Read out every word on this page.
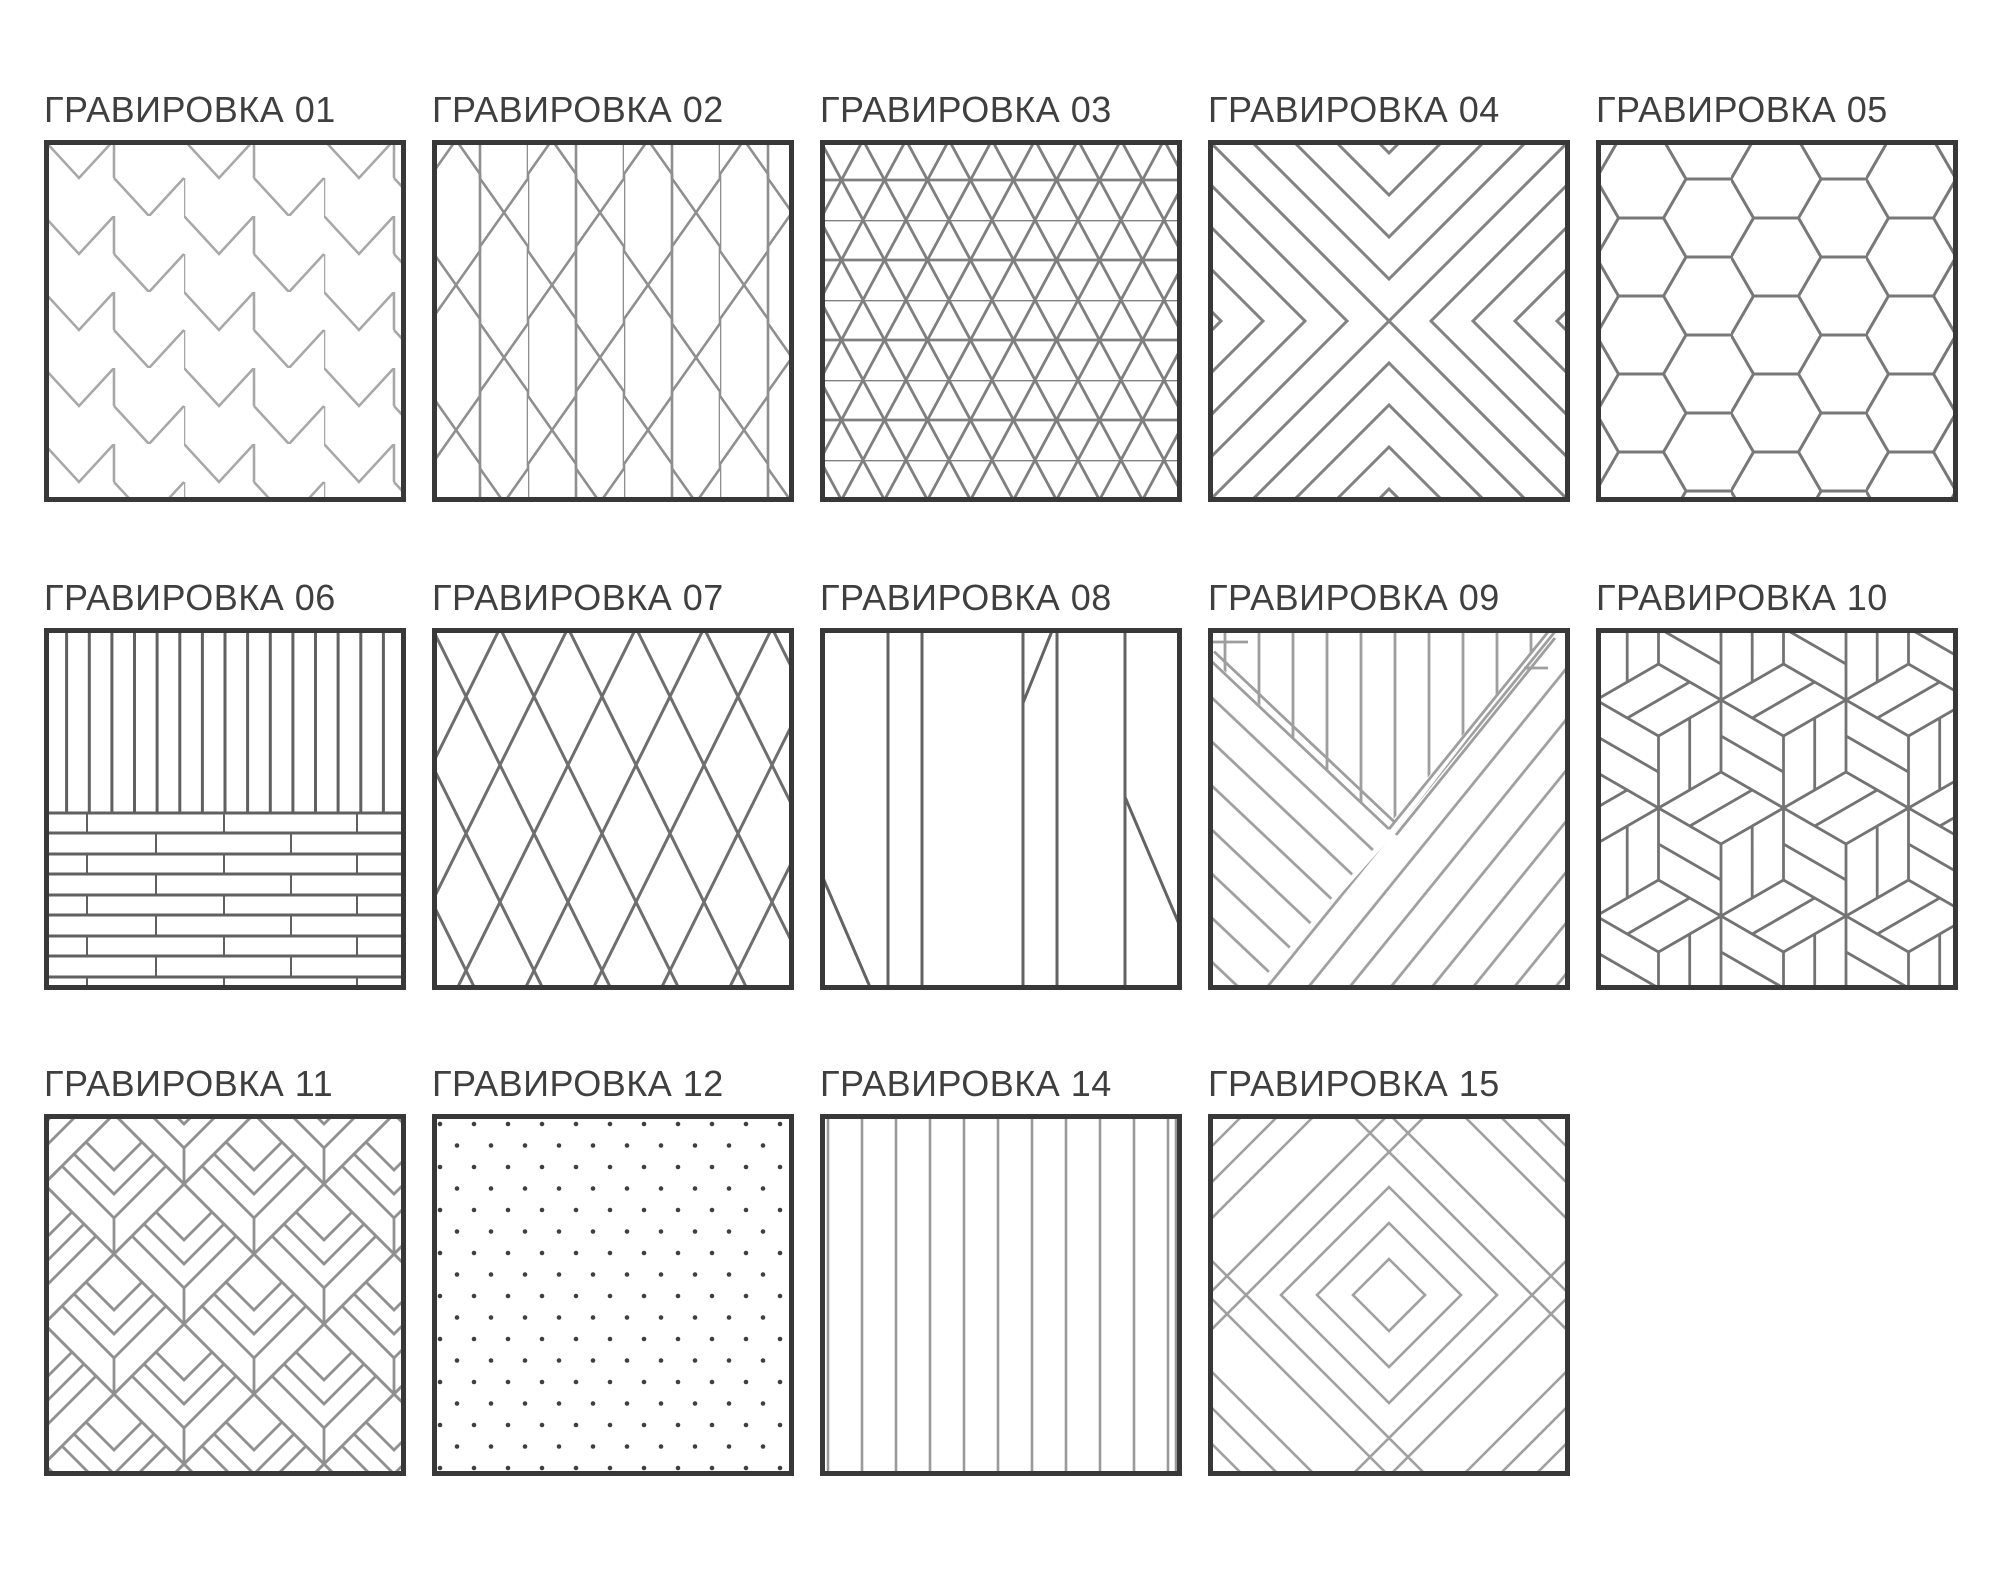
ГРАВИРОВКА 01	ГРАВИРОВКА 02	ГРАВИРОВКА 03	ГРАВИРОВКА 04	ГРАВИРОВКА 05
ГРАВИРОВКА 06	ГРАВИРОВКА 07	ГРАВИРОВКА 08	ГРАВИРОВКА 09	ГРАВИРОВКА 10
ГРАВИРОВКА 11	ГРАВИРОВКА 12	ГРАВИРОВКА 14	ГРАВИРОВКА 15
